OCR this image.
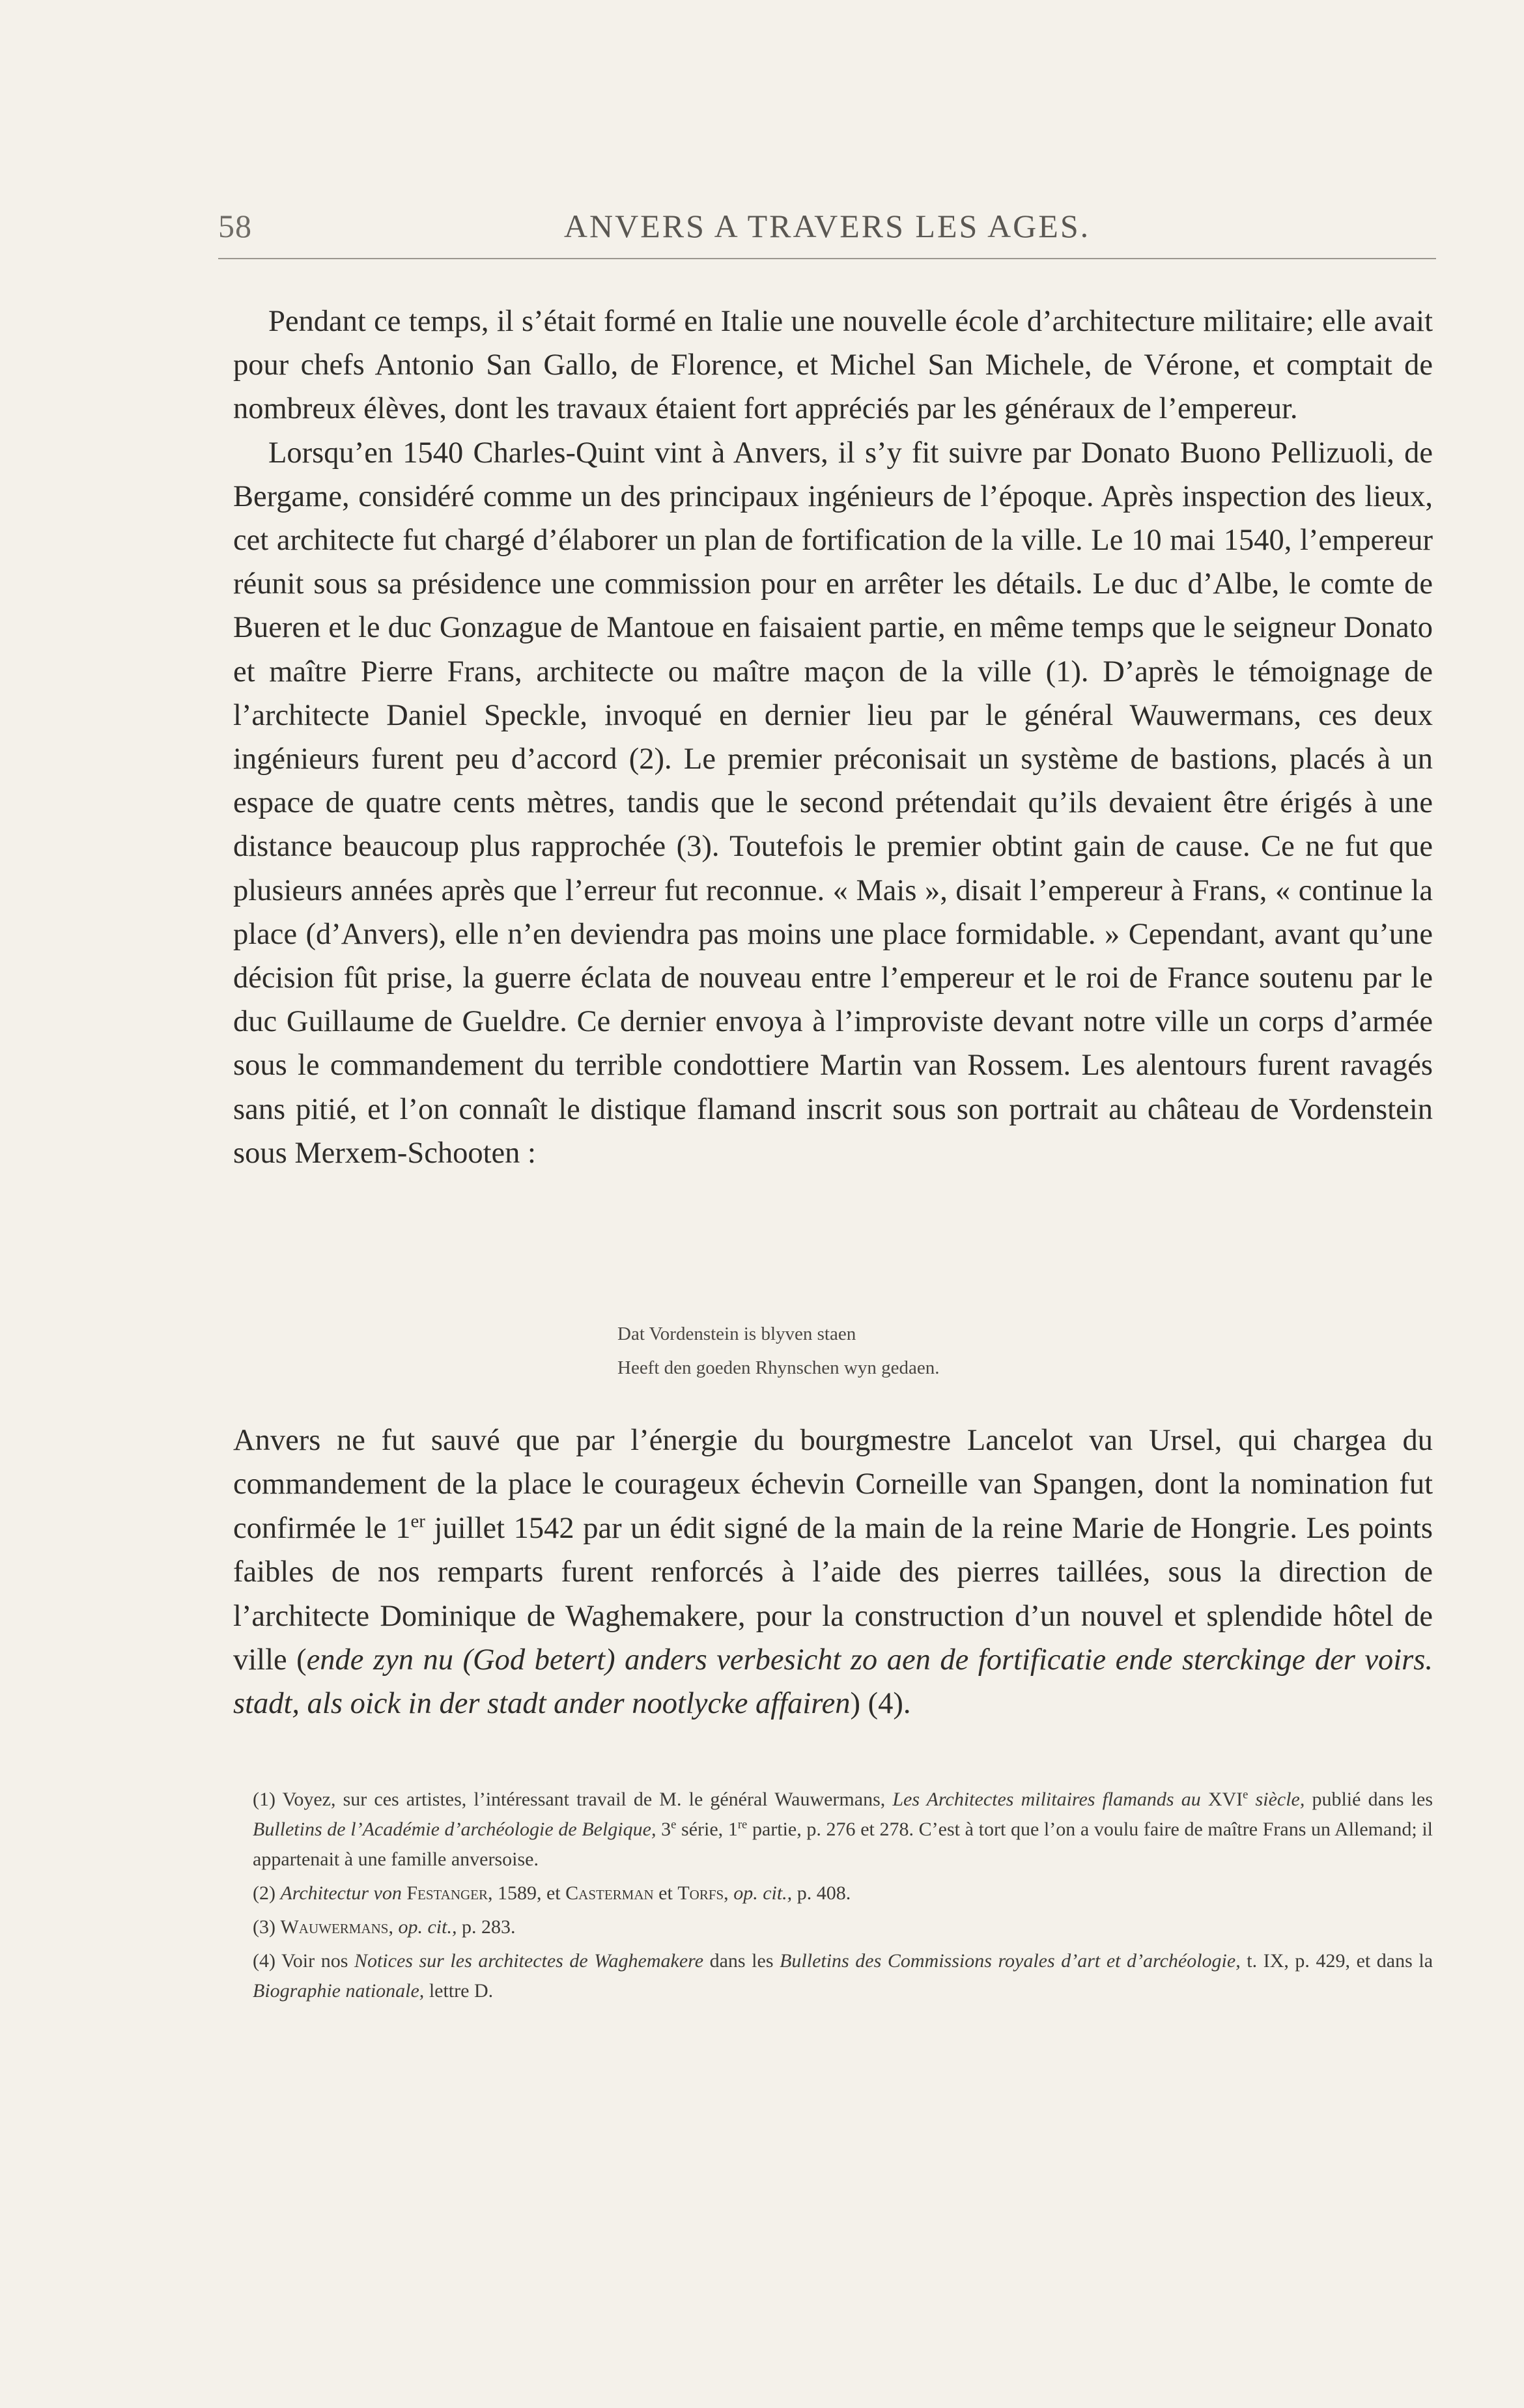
58	ANVERS A TRAVERS LES AGES.

Pendant ce temps, il s’était formé en Italie une nouvelle école d’architecture militaire; elle avait pour chefs Antonio San Gallo, de Florence, et Michel San Michele, de Vérone, et comptait de nombreux élèves, dont les travaux étaient fort appréciés par les généraux de l’empereur.

Lorsqu’en 1540 Charles-Quint vint à Anvers, il s’y fit suivre par Donato Buono Pellizuoli, de Bergame, considéré comme un des principaux ingénieurs de l’époque. Après inspection des lieux, cet architecte fut chargé d’élaborer un plan de fortification de la ville. Le 10 mai 1540, l’empereur réunit sous sa présidence une commission pour en arrêter les détails. Le duc d’Albe, le comte de Bueren et le duc Gonzague de Mantoue en faisaient partie, en même temps que le seigneur Donato et maître Pierre Frans, architecte ou maître maçon de la ville (1). D’après le témoignage de l’architecte Daniel Speckle, invoqué en dernier lieu par le général Wauwermans, ces deux ingénieurs furent peu d’accord (2). Le premier préconisait un système de bastions, placés à un espace de quatre cents mètres, tandis que le second prétendait qu’ils devaient être érigés à une distance beaucoup plus rapprochée (3). Toutefois le premier obtint gain de cause. Ce ne fut que plusieurs années après que l’erreur fut reconnue. « Mais », disait l’empereur à Frans, « continue la place (d’Anvers), elle n’en deviendra pas moins une place formidable. » Cependant, avant qu’une décision fût prise, la guerre éclata de nouveau entre l’empereur et le roi de France soutenu par le duc Guillaume de Gueldre. Ce dernier envoya à l’improviste devant notre ville un corps d’armée sous le commandement du terrible condottiere Martin van Rossem. Les alentours furent ravagés sans pitié, et l’on connaît le distique flamand inscrit sous son portrait au château de Vordenstein sous Merxem-Schooten :

Dat Vordenstein is blyven staen
Heeft den goeden Rhynschen wyn gedaen.

Anvers ne fut sauvé que par l’énergie du bourgmestre Lancelot van Ursel, qui chargea du commandement de la place le courageux échevin Corneille van Spangen, dont la nomination fut confirmée le 1er juillet 1542 par un édit signé de la main de la reine Marie de Hongrie. Les points faibles de nos remparts furent renforcés à l’aide des pierres taillées, sous la direction de l’architecte Dominique de Waghemakere, pour la construction d’un nouvel et splendide hôtel de ville (ende zyn nu (God betert) anders verbesicht zo aen de fortificatie ende sterckinge der voirs. stadt, als oick in der stadt ander nootlycke affairen) (4).

(1) Voyez, sur ces artistes, l’intéressant travail de M. le général Wauwermans, Les Architectes militaires flamands au XVIe siècle, publié dans les Bulletins de l’Académie d’archéologie de Belgique, 3e série, 1re partie, p. 276 et 278. C’est à tort que l’on a voulu faire de maître Frans un Allemand; il appartenait à une famille anversoise.

(2) Architectur von Festanger, 1589, et Casterman et Torfs, op. cit., p. 408.

(3) Wauwermans, op. cit., p. 283.

(4) Voir nos Notices sur les architectes de Waghemakere dans les Bulletins des Commissions royales d’art et d’archéologie, t. IX, p. 429, et dans la Biographie nationale, lettre D.
